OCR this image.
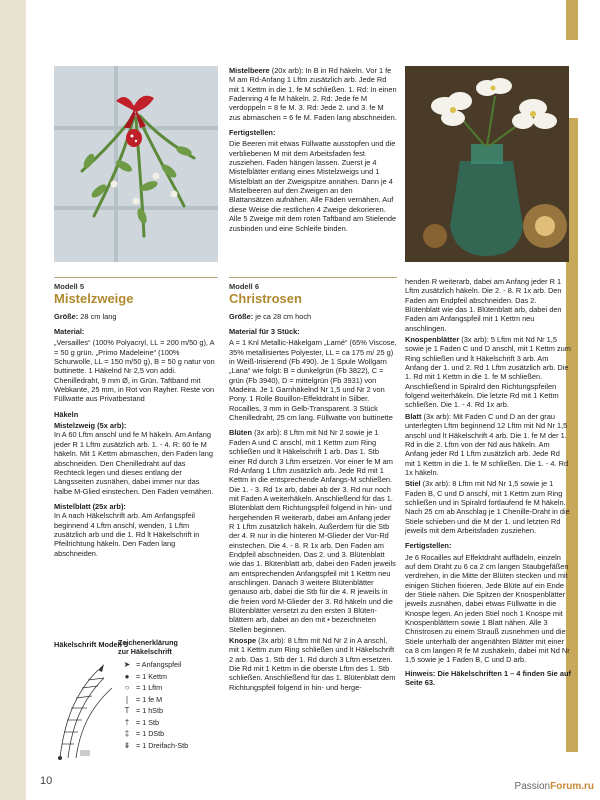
Mistelbeere (20x arb): In B in Rd häkeln. Vor 1 fe M am Rd-Anfang 1 Lftm zusätzlich arb. Jede Rd mit 1 Kettm in die 1. fe M schließen. 1. Rd: In einen Fadenring 4 fe M häkeln. 2. Rd: Jede fe M verdoppeln = 8 fe M. 3. Rd: Jede 2. und 3. fe M zus abmaschen = 6 fe M. Faden lang abschneiden.

Fertigstellen:

Die Beeren mit etwas Füllwatte ausstopfen und die verbliebenen M mit dem Arbeitsfaden fest zusziehen. Faden hängen lassen. Zuerst je 4 Mistelblätter entlang eines Mistelzweigs und 1 Mistelblatt an der Zweigspitze annähen. Dann je 4 Mistelbeeren auf den Zweigen an den Blattansätzen aufnähen. Alle Fäden vernähen. Auf diese Weise die restlichen 4 Zweige dekorieren. Alle 5 Zweige mit dem roten Taftband am Stielende zusbinden und eine Schleife binden.

Modell 5
Mistelzweige

Größe: 28 cm lang

Material:

„Versailles“ (100% Polyacryl, LL = 200 m/50 g), A = 50 g grün. „Primo Madeleine“ (100% Schurwolle, LL = 150 m/50 g), B = 50 g natur von buttinette. 1 Häkelnd Nr 2,5 von addi. Chenilledraht, 9 mm Ø, in Grün. Taftband mit Webkante, 25 mm, in Rot von Rayher. Reste von Füllwatte aus Privatbestand

Häkeln

Mistelzweig (5x arb):

In A 60 Lftm anschl und fe M häkeln. Am Anfang jeder R 1 Lftm zusätzlich arb. 1. - 4. R: 60 fe M häkeln. Mit 1 Kettm abmaschen, den Faden lang abschneiden. Den Chenilledraht auf das Rechteck legen und dieses entlang der Längsseiten zusnähen, dabei immer nur das halbe M-Glied einstechen. Den Faden vernähen.

Mistelblatt (25x arb):

In A nach Häkelschrift arb. Am Anfangspfeil beginnend 4 Lftm anschl, wenden, 1 Lftm zusätzlich arb und die 1. Rd lt Häkelschrift in Pfeilrichtung häkeln. Den Faden lang abschneiden.

Häkelschrift Modell 5
Zeichenerklärung
zur Häkelschrift
➤ = Anfangspfeil
● = 1 Kettm
○ = 1 Lftm
❘ = 1 fe M
T = 1 hStb
† = 1 Stb
‡ = 1 DStb
⇟ = 1 Dreifach-Stb
Modell 6
Christrosen

Größe: je ca 28 cm hoch

Material für 3 Stück:

A = 1 Knl Metallic-Häkelgarn „Lamé“ (65% Viscose, 35% metallisiertes Polyester, LL = ca 175 m/ 25 g) in Weiß-Irisierend (Fb 490). Je 1 Spule Wollgarn „Lana“ wie folgt: B = dunkelgrün (Fb 3822), C = grün (Fb 3940), D = mittelgrün (Fb 3931) von Madeira. Je 1 Garnhäkelnd Nr 1,5 und Nr 2 von Pony. 1 Rolle Bouillon-Effektdraht in Silber. Rocailles, 3 mm in Gelb-Transparent. 3 Stück Chenilledraht, 25 cm lang. Füllwatte von buttinette

Blüten (3x arb): 8 Lftm mit Nd Nr 2 sowie je 1 Faden A und C anschl, mit 1 Kettm zum Ring schließen und lt Häkelschrift 1 arb. Das 1. Stb einer Rd durch 3 Lftm ersetzen. Vor einer fe M am Rd-Anfang 1 Lftm zusätzlich arb. Jede Rd mit 1 Kettm in die entsprechende Anfangs-M schließen. Die 1. - 3. Rd 1x arb, dabei ab der 3. Rd nur noch mit Faden A weiterhäkeln. Anschließend für das 1. Blütenblatt dem Richtungspfeil folgend in hin- und hergehenden R weiterarb, dabei am Anfang jeder R 1 Lftm zusätzlich häkeln. Außerdem für die Stb der 4. R nur in die hinteren M-Glieder der Vor-Rd einstechen. Die 4. - 8. R 1x arb. Den Faden am Endpfeil abschneiden. Das 2. und 3. Blütenblatt wie das 1. Blütenblatt arb, dabei den Faden jeweils am entsprechenden Anfangspfeil mit 1 Kettm neu anschlingen. Danach 3 weitere Blütenblätter genauso arb, dabei die Stb für die 4. R jeweils in die freien vord M-Glieder der 3. Rd häkeln und die Blütenblätter versetzt zu den ersten 3 Blüten-blättern arb, dabei an den mit • bezeichneten Stellen beginnen.

Knospe (3x arb): 8 Lftm mit Nd Nr 2 in A anschl, mit 1 Kettm zum Ring schließen und lt Häkelschrift 2 arb. Das 1. Stb der 1. Rd durch 3 Lftm ersetzen. Die Rd mit 1 Kettm in die oberste Lftm des 1. Stb schließen. Anschließend für das 1. Blütenblatt dem Richtungspfeil folgend in hin- und herge-

henden R weiterarb, dabei am Anfang jeder R 1 Lftm zusätzlich häkeln. Die 2. - 8. R 1x arb. Den Faden am Endpfeil abschneiden. Das 2. Blütenblatt wie das 1. Blütenblatt arb, dabei den Faden am Anfangspfeil mit 1 Kettm neu anschlingen.

Knospenblätter (3x arb): 5 Lftm mit Nd Nr 1,5 sowie je 1 Faden C und D anschl, mit 1 Kettm zum Ring schließen und lt Häkelschrift 3 arb. Am Anfang der 1. und 2. Rd 1 Lftm zusätzlich arb. Die 1. Rd mit 1 Kettm in die 1. fe M schließen. Anschließend in Spiralrd den Richtungspfeilen folgend weiterhäkeln. Die letzte Rd mit 1 Kettm schließen. Die 1. - 4. Rd 1x arb.

Blatt (3x arb): Mit Faden C und D an der grau unterlegten Lftm beginnend 12 Lftm mit Nd Nr 1,5 anschl und lt Häkelschrift 4 arb. Die 1. fe M der 1. Rd in die 2. Lftm von der Nd aus häkeln. Am Anfang jeder Rd 1 Lftm zusätzlich arb. Jede Rd mit 1 Kettm in die 1. fe M schließen. Die 1. - 4. Rd 1x häkeln.

Stiel (3x arb): 8 Lftm mit Nd Nr 1,5 sowie je 1 Faden B, C und D anschl, mit 1 Kettm zum Ring schließen und in Spiralrd fortlaufend fe M häkeln. Nach 25 cm ab Anschlag je 1 Chenille-Draht in die Stiele schieben und die M der 1. und letzten Rd jeweils mit dem Arbeitsfaden zusziehen.

Fertigstellen:

Je 6 Rocailles auf Effektdraht auffädeln, einzeln auf dem Draht zu 6 ca 2 cm langen Staubgefäßen verdrehen, in die Mitte der Blüten stecken und mit einigen Stichen fixieren. Jede Blüte auf ein Ende der Stiele nähen. Die Spitzen der Knospenblätter jeweils zusnähen, dabei etwas Füllwatte in die Knospe legen. An jeden Stiel noch 1 Knospe mit Knospenblättern sowie 1 Blatt nähen. Alle 3 Christrosen zu einem Strauß zusnehmen und die Stiele unterhalb der angenähten Blätter mit einer ca 8 cm langen R fe M zushäkeln, dabei mit Nd Nr 1,5 sowie je 1 Faden B, C und D arb.

Hinweis: Die Häkelschriften 1 – 4 finden Sie auf Seite 63.

10	PassionForum.ru
